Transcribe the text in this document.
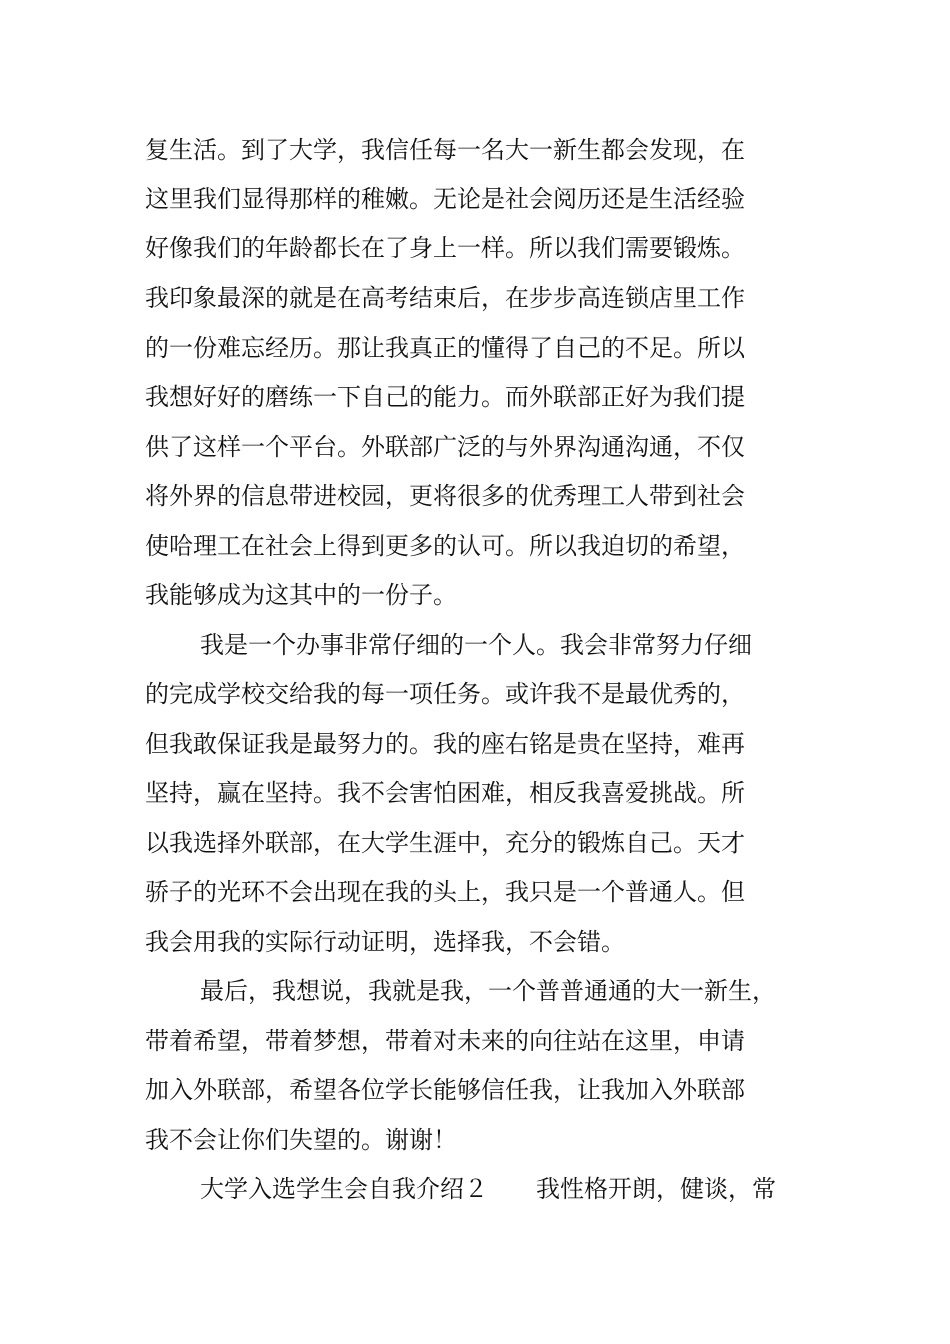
复生活。到了大学，我信任每一名大一新生都会发现，在
这里我们显得那样的稚嫩。无论是社会阅历还是生活经验
好像我们的年龄都长在了身上一样。所以我们需要锻炼。
我印象最深的就是在高考结束后，在步步高连锁店里工作
的一份难忘经历。那让我真正的懂得了自己的不足。所以
我想好好的磨练一下自己的能力。而外联部正好为我们提
供了这样一个平台。外联部广泛的与外界沟通沟通，不仅
将外界的信息带进校园，更将很多的优秀理工人带到社会
使哈理工在社会上得到更多的认可。所以我迫切的希望，
我能够成为这其中的一份子。
我是一个办事非常仔细的一个人。我会非常努力仔细
的完成学校交给我的每一项任务。或许我不是最优秀的，
但我敢保证我是最努力的。我的座右铭是贵在坚持，难再
坚持，赢在坚持。我不会害怕困难，相反我喜爱挑战。所
以我选择外联部，在大学生涯中，充分的锻炼自己。天才
骄子的光环不会出现在我的头上，我只是一个普通人。但
我会用我的实际行动证明，选择我，不会错。
最后，我想说，我就是我，一个普普通通的大一新生，
带着希望，带着梦想，带着对未来的向往站在这里，申请
加入外联部，希望各位学长能够信任我，让我加入外联部
我不会让你们失望的。谢谢！
大学入选学生会自我介绍２　　我性格开朗，健谈，常
